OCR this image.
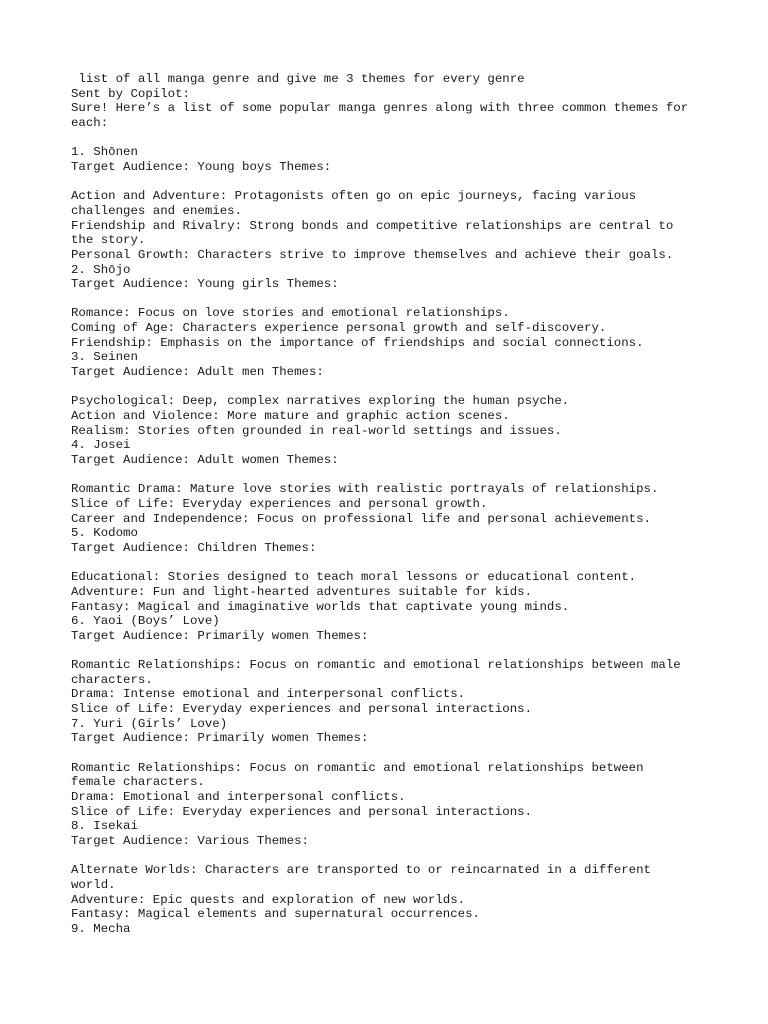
list of all manga genre and give me 3 themes for every genre
Sent by Copilot:
Sure! Here’s a list of some popular manga genres along with three common themes for
each:
1. Shōnen
Target Audience: Young boys Themes:
Action and Adventure: Protagonists often go on epic journeys, facing various
challenges and enemies.
Friendship and Rivalry: Strong bonds and competitive relationships are central to
the story.
Personal Growth: Characters strive to improve themselves and achieve their goals.
2. Shōjo
Target Audience: Young girls Themes:
Romance: Focus on love stories and emotional relationships.
Coming of Age: Characters experience personal growth and self-discovery.
Friendship: Emphasis on the importance of friendships and social connections.
3. Seinen
Target Audience: Adult men Themes:
Psychological: Deep, complex narratives exploring the human psyche.
Action and Violence: More mature and graphic action scenes.
Realism: Stories often grounded in real-world settings and issues.
4. Josei
Target Audience: Adult women Themes:
Romantic Drama: Mature love stories with realistic portrayals of relationships.
Slice of Life: Everyday experiences and personal growth.
Career and Independence: Focus on professional life and personal achievements.
5. Kodomo
Target Audience: Children Themes:
Educational: Stories designed to teach moral lessons or educational content.
Adventure: Fun and light-hearted adventures suitable for kids.
Fantasy: Magical and imaginative worlds that captivate young minds.
6. Yaoi (Boys’ Love)
Target Audience: Primarily women Themes:
Romantic Relationships: Focus on romantic and emotional relationships between male
characters.
Drama: Intense emotional and interpersonal conflicts.
Slice of Life: Everyday experiences and personal interactions.
7. Yuri (Girls’ Love)
Target Audience: Primarily women Themes:
Romantic Relationships: Focus on romantic and emotional relationships between
female characters.
Drama: Emotional and interpersonal conflicts.
Slice of Life: Everyday experiences and personal interactions.
8. Isekai
Target Audience: Various Themes:
Alternate Worlds: Characters are transported to or reincarnated in a different
world.
Adventure: Epic quests and exploration of new worlds.
Fantasy: Magical elements and supernatural occurrences.
9. Mecha
